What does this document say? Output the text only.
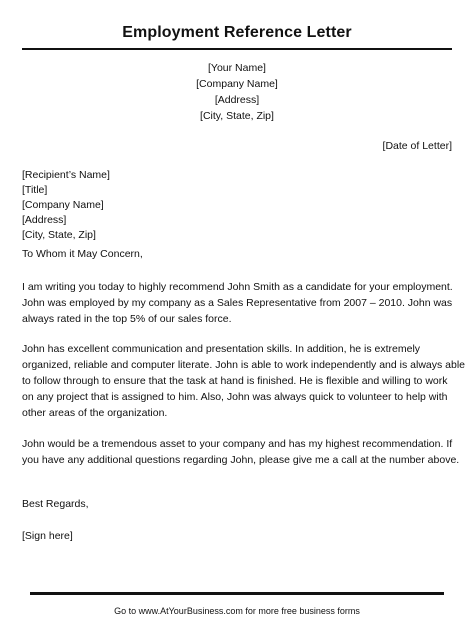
Employment Reference Letter
[Your Name]
[Company Name]
[Address]
[City, State, Zip]
[Date of Letter]
[Recipient’s Name]
[Title]
[Company Name]
[Address]
[City, State, Zip]
To Whom it May Concern,
I am writing you today to highly recommend John Smith as a candidate for your employment.
John was employed by my company as a Sales Representative from 2007 – 2010. John was
always rated in the top 5% of our sales force.
John has excellent communication and presentation skills. In addition, he is extremely
organized, reliable and computer literate. John is able to work independently and is always able
to follow through to ensure that the task at hand is finished. He is flexible and willing to work
on any project that is assigned to him. Also, John was always quick to volunteer to help with
other areas of the organization.
John would be a tremendous asset to your company and has my highest recommendation. If
you have any additional questions regarding John, please give me a call at the number above.
Best Regards,
[Sign here]
Go to www.AtYourBusiness.com for more free business forms
